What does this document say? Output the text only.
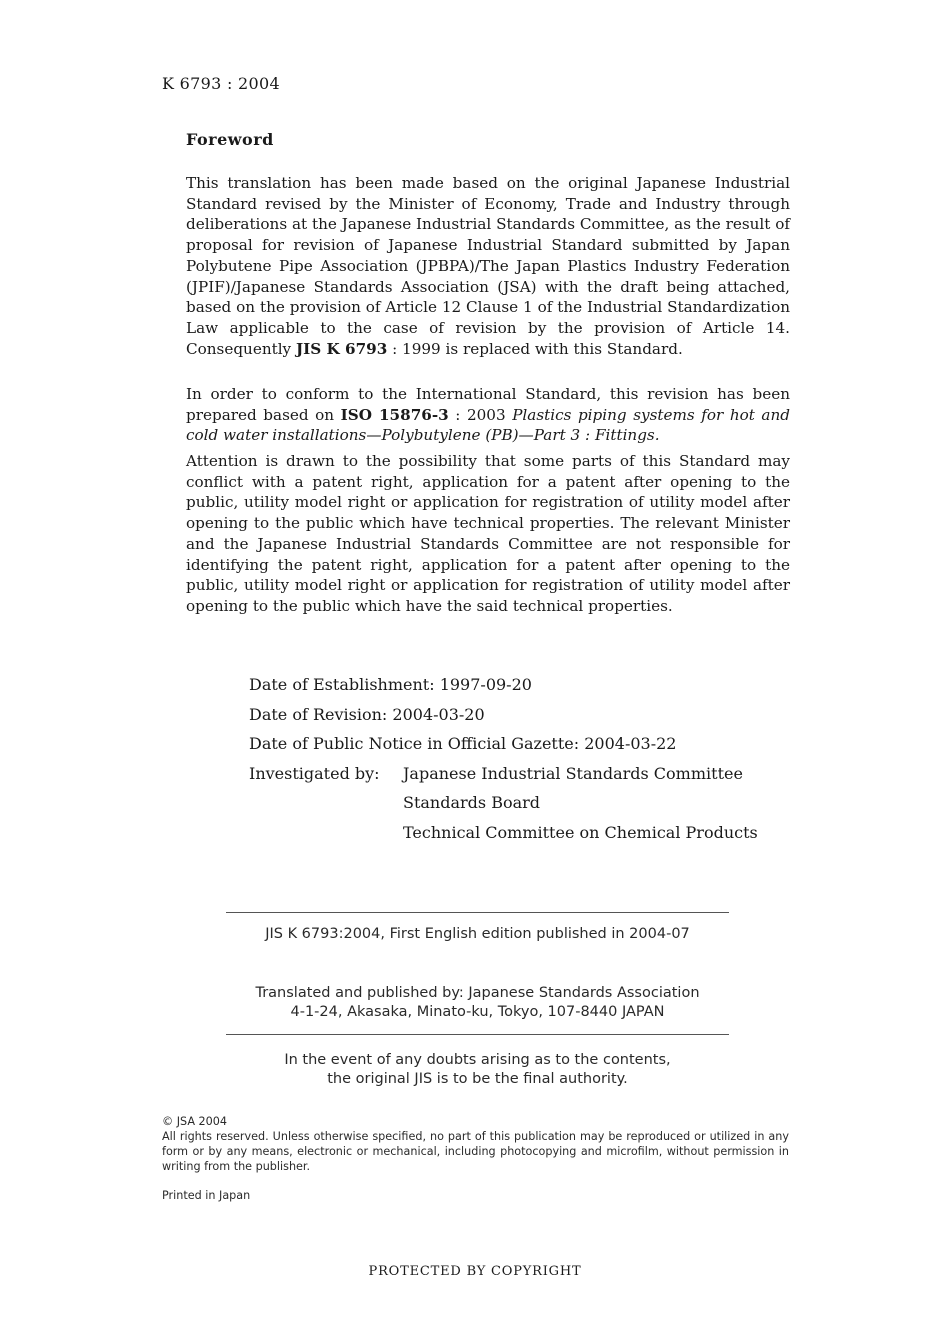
K 6793 : 2004
Foreword
This translation has been made based on the original Japanese Industrial Standard revised by the Minister of Economy, Trade and Industry through deliberations at the Japanese Industrial Standards Committee, as the result of proposal for revision of Japanese Industrial Standard submitted by Japan Polybutene Pipe Association (JPBPA)/The Japan Plastics Industry Federation (JPIF)/Japanese Standards Association (JSA) with the draft being attached, based on the provision of Article 12 Clause 1 of the Industrial Standardization Law applicable to the case of revision by the provision of Article 14. Consequently JIS K 6793 : 1999 is replaced with this Standard.
In order to conform to the International Standard, this revision has been prepared based on ISO 15876-3 : 2003 Plastics piping systems for hot and cold water installations—Polybutylene (PB)—Part 3 : Fittings.
Attention is drawn to the possibility that some parts of this Standard may conflict with a patent right, application for a patent after opening to the public, utility model right or application for registration of utility model after opening to the public which have technical properties. The relevant Minister and the Japanese Industrial Standards Committee are not responsible for identifying the patent right, application for a patent after opening to the public, utility model right or application for registration of utility model after opening to the public which have the said technical properties.
Date of Establishment: 1997-09-20
Date of Revision: 2004-03-20
Date of Public Notice in Official Gazette: 2004-03-22
Investigated by: Japanese Industrial Standards Committee
Standards Board
Technical Committee on Chemical Products
JIS K 6793:2004, First English edition published in 2004-07
Translated and published by: Japanese Standards Association
4-1-24, Akasaka, Minato-ku, Tokyo, 107-8440 JAPAN
In the event of any doubts arising as to the contents,
the original JIS is to be the final authority.
© JSA 2004
All rights reserved. Unless otherwise specified, no part of this publication may be reproduced or utilized in any form or by any means, electronic or mechanical, including photocopying and microfilm, without permission in writing from the publisher.
Printed in Japan
PROTECTED BY COPYRIGHT
